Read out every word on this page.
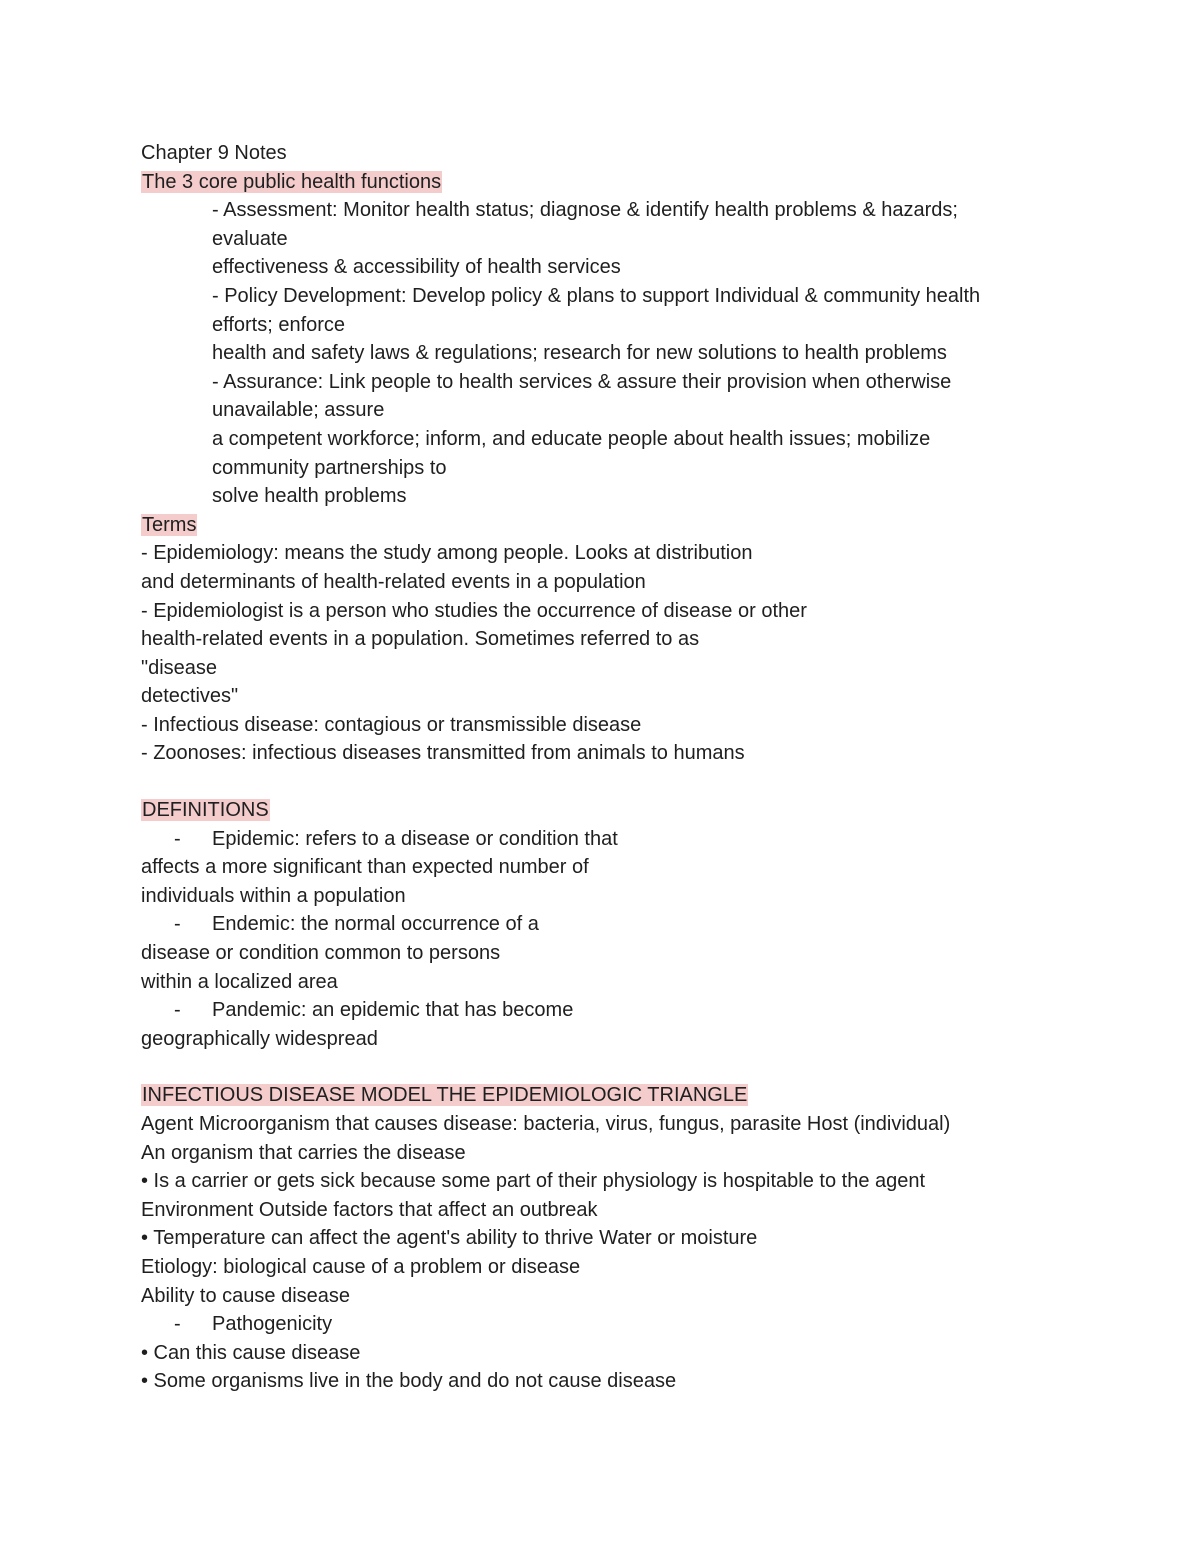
Chapter 9 Notes
The 3 core public health functions
- Assessment: Monitor health status; diagnose & identify health problems & hazards;
evaluate
effectiveness & accessibility of health services
- Policy Development: Develop policy & plans to support Individual & community health
efforts; enforce
health and safety laws & regulations; research for new solutions to health problems
- Assurance: Link people to health services & assure their provision when otherwise
unavailable; assure
a competent workforce; inform, and educate people about health issues; mobilize
community partnerships to
solve health problems
Terms
- Epidemiology: means the study among people. Looks at distribution
and determinants of health-related events in a population
- Epidemiologist is a person who studies the occurrence of disease or other
health-related events in a population. Sometimes referred to as
"disease
detectives"
- Infectious disease: contagious or transmissible disease
- Zoonoses: infectious diseases transmitted from animals to humans
DEFINITIONS
- Epidemic: refers to a disease or condition that
affects a more significant than expected number of
individuals within a population
- Endemic: the normal occurrence of a
disease or condition common to persons
within a localized area
- Pandemic: an epidemic that has become
geographically widespread
INFECTIOUS DISEASE MODEL THE EPIDEMIOLOGIC TRIANGLE
Agent Microorganism that causes disease: bacteria, virus, fungus, parasite Host (individual)
An organism that carries the disease
• Is a carrier or gets sick because some part of their physiology is hospitable to the agent
Environment Outside factors that affect an outbreak
• Temperature can affect the agent's ability to thrive Water or moisture
Etiology: biological cause of a problem or disease
Ability to cause disease
- Pathogenicity
• Can this cause disease
• Some organisms live in the body and do not cause disease
